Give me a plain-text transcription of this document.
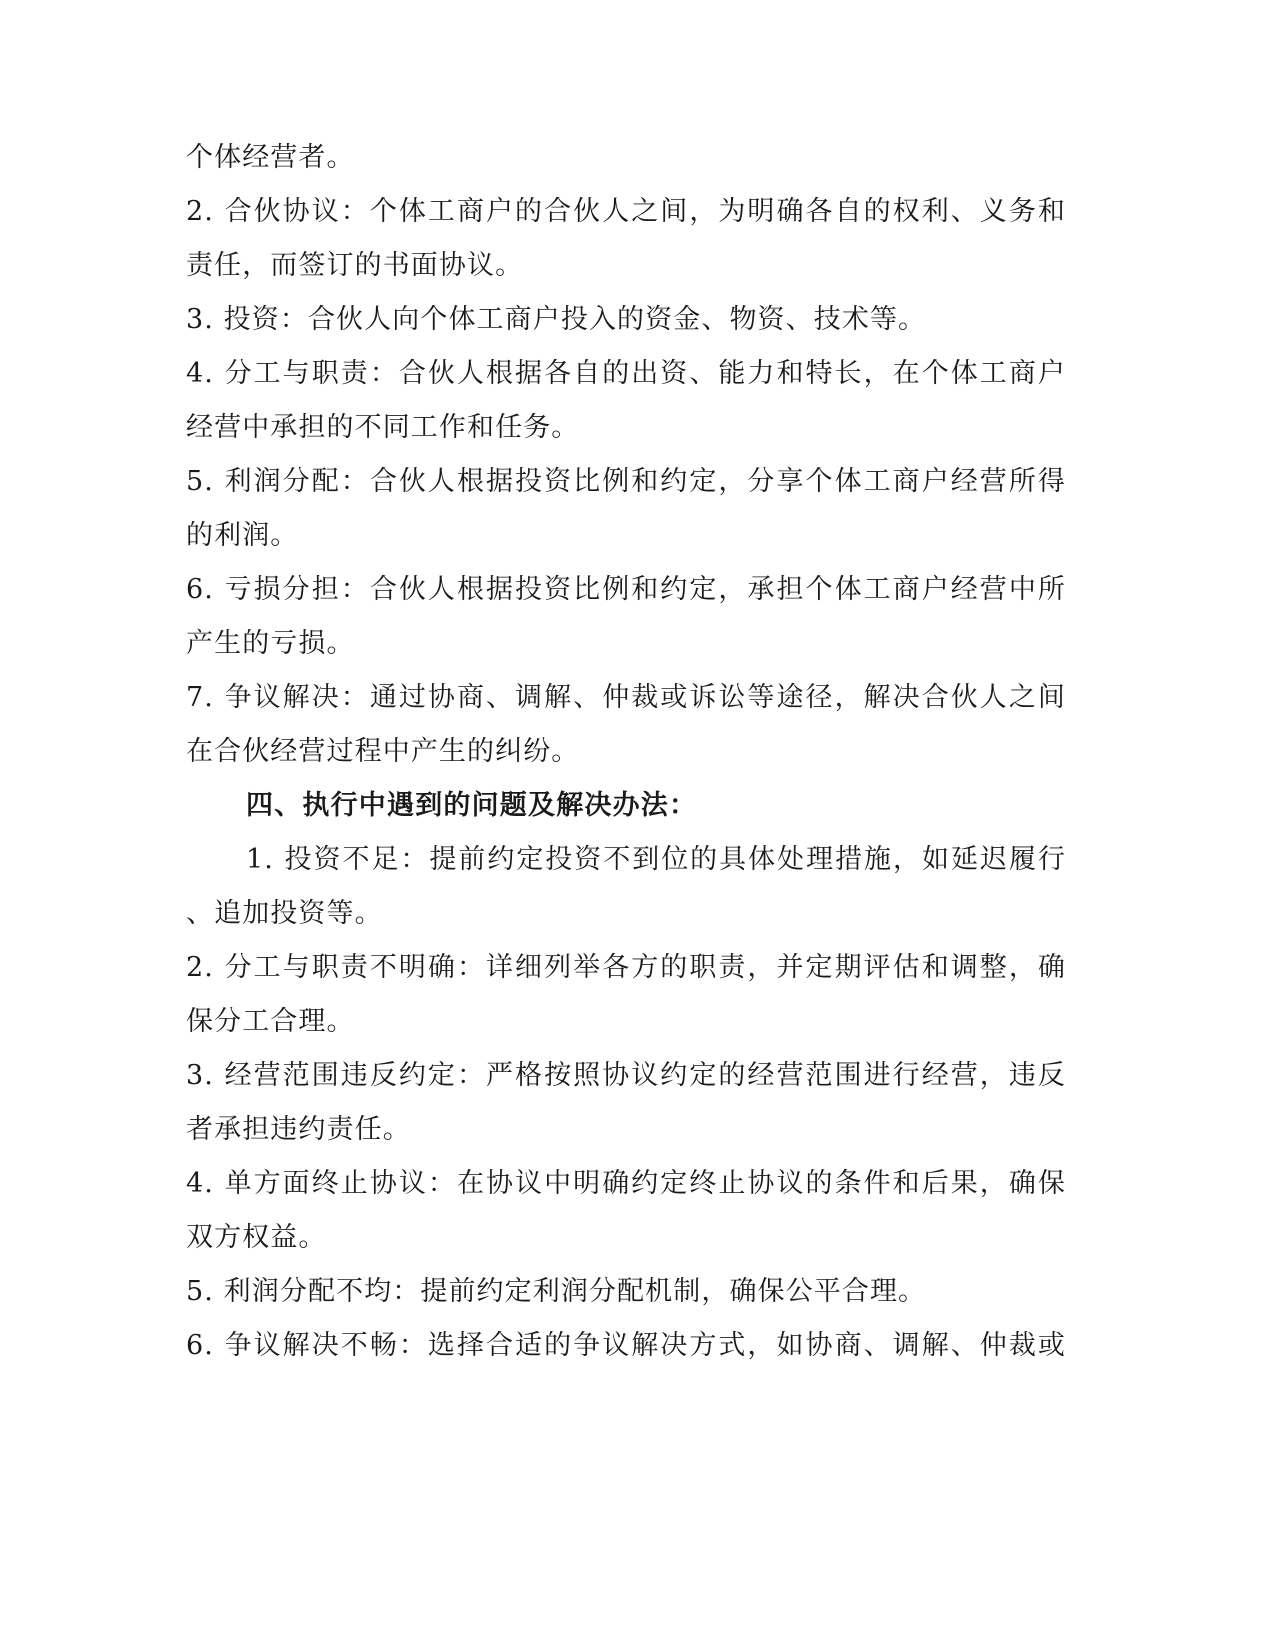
个体经营者。
2. 合伙协议：个体工商户的合伙人之间，为明确各自的权利、义务和
责任，而签订的书面协议。
3. 投资：合伙人向个体工商户投入的资金、物资、技术等。
4. 分工与职责：合伙人根据各自的出资、能力和特长，在个体工商户
经营中承担的不同工作和任务。
5. 利润分配：合伙人根据投资比例和约定，分享个体工商户经营所得
的利润。
6. 亏损分担：合伙人根据投资比例和约定，承担个体工商户经营中所
产生的亏损。
7. 争议解决：通过协商、调解、仲裁或诉讼等途径，解决合伙人之间
在合伙经营过程中产生的纠纷。
四、执行中遇到的问题及解决办法：
1. 投资不足：提前约定投资不到位的具体处理措施，如延迟履行
、追加投资等。
2. 分工与职责不明确：详细列举各方的职责，并定期评估和调整，确
保分工合理。
3. 经营范围违反约定：严格按照协议约定的经营范围进行经营，违反
者承担违约责任。
4. 单方面终止协议：在协议中明确约定终止协议的条件和后果，确保
双方权益。
5. 利润分配不均：提前约定利润分配机制，确保公平合理。
6. 争议解决不畅：选择合适的争议解决方式，如协商、调解、仲裁或
